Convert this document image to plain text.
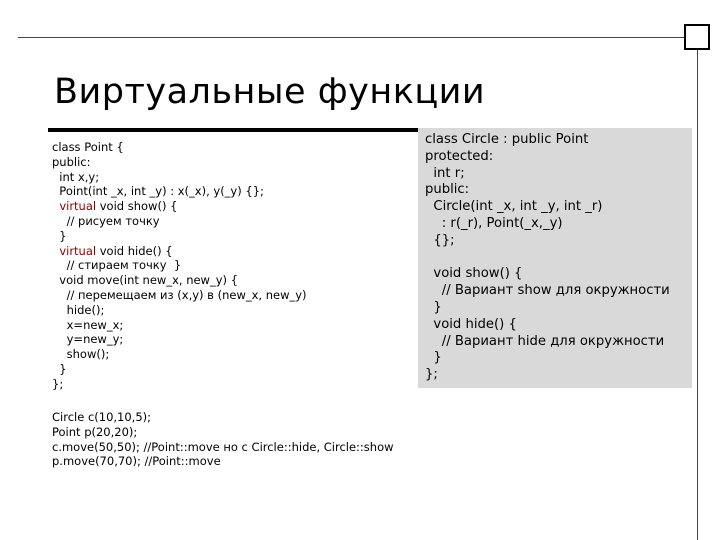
Виртуальные функции
class Point {
public:
int x,y;
Point(int _x, int _y) : x(_x), y(_y) {};
virtual void show() {
// рисуем точку
}
virtual void hide() {
// стираем точку  }
void move(int new_x, new_y) {
// перемещаем из (x,y) в (new_x, new_y)
hide();
x=new_x;
y=new_y;
show();
}
};
class Circle : public Point
protected:
int r;
public:
Circle(int _x, int _y, int _r)
: r(_r), Point(_x,_y)
{};

void show() {
// Вариант show для окружности
}
void hide() {
// Вариант hide для окружности
}
};
Circle c(10,10,5);
Point p(20,20);
c.move(50,50); //Point::move но с Circle::hide, Circle::show
p.move(70,70); //Point::move
